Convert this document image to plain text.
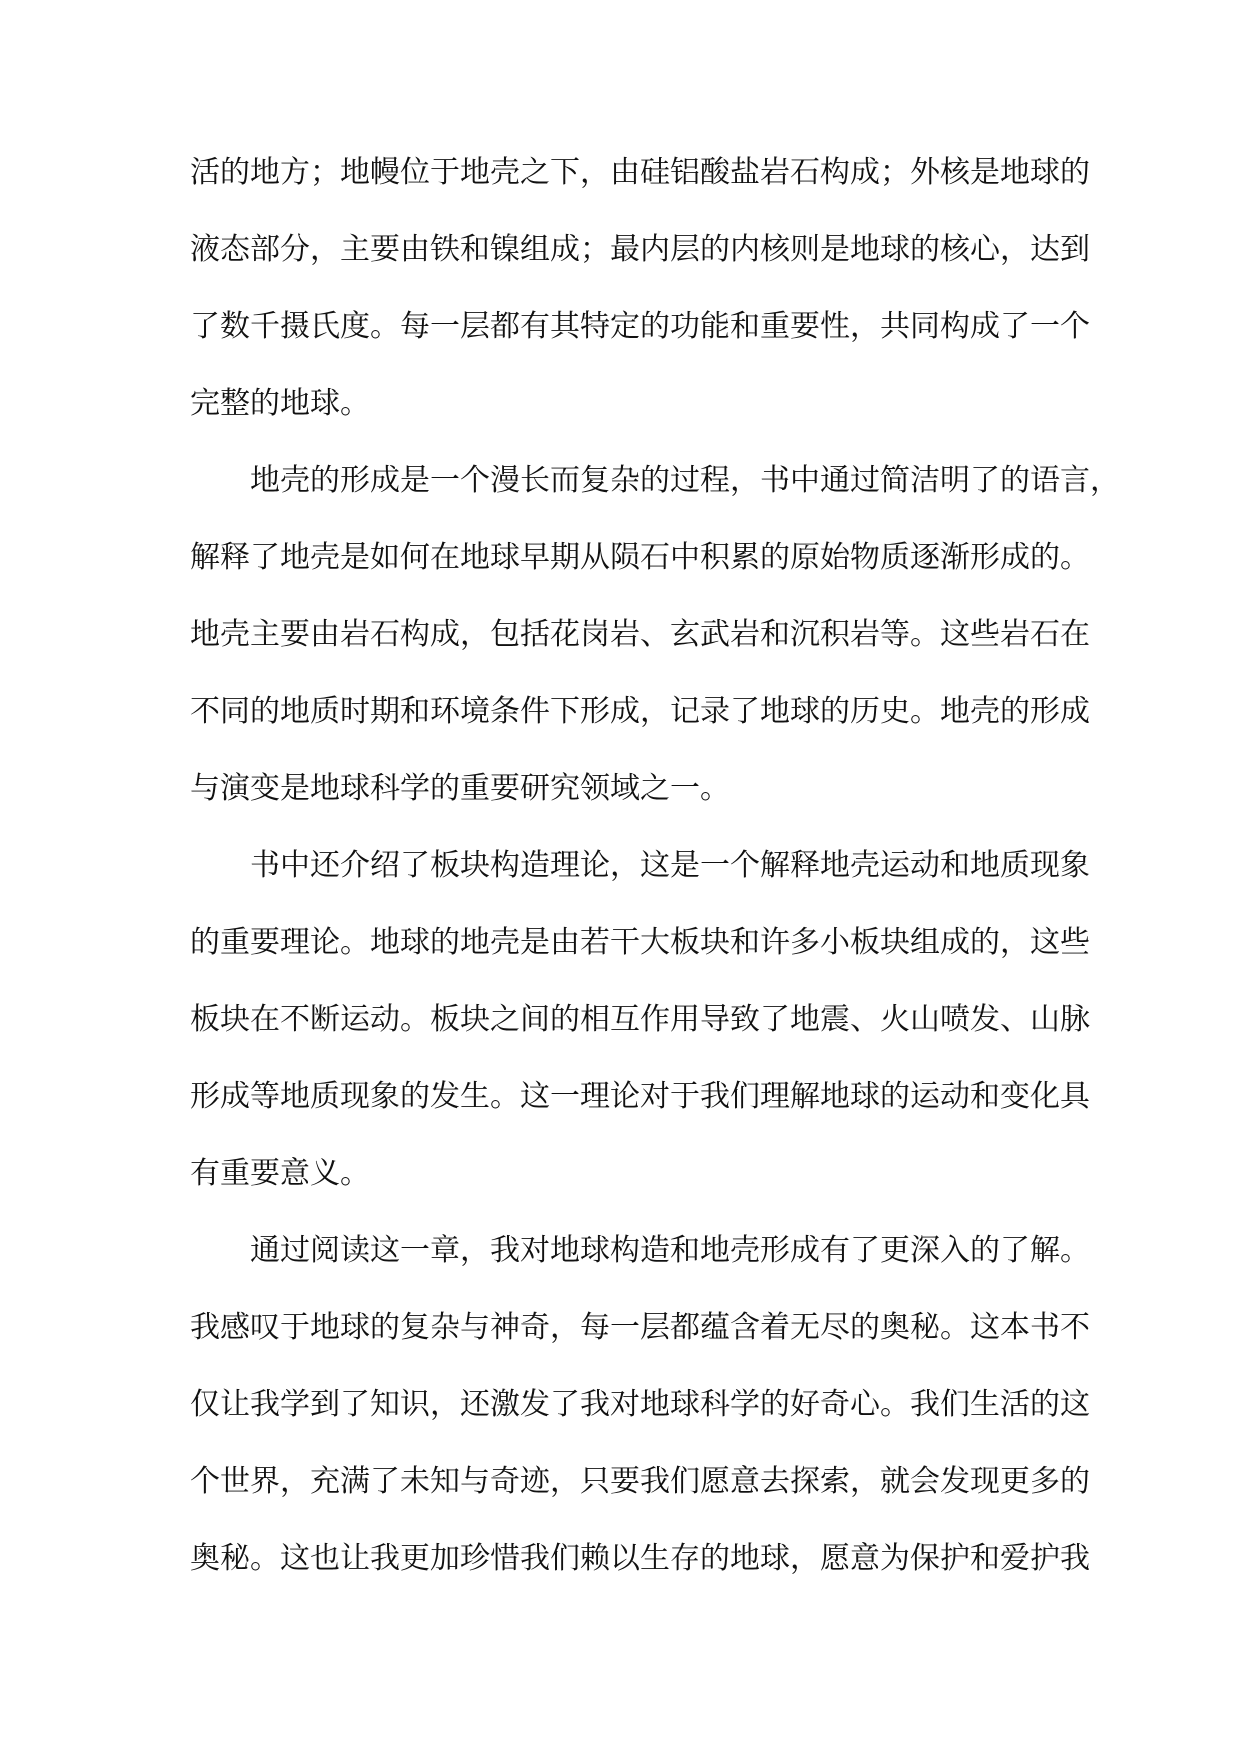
活的地方；地幔位于地壳之下，由硅铝酸盐岩石构成；外核是地球的
液态部分，主要由铁和镍组成；最内层的内核则是地球的核心，达到
了数千摄氏度。每一层都有其特定的功能和重要性，共同构成了一个
完整的地球。
地壳的形成是一个漫长而复杂的过程，书中通过简洁明了的语言，
解释了地壳是如何在地球早期从陨石中积累的原始物质逐渐形成的。
地壳主要由岩石构成，包括花岗岩、玄武岩和沉积岩等。这些岩石在
不同的地质时期和环境条件下形成，记录了地球的历史。地壳的形成
与演变是地球科学的重要研究领域之一。
书中还介绍了板块构造理论，这是一个解释地壳运动和地质现象
的重要理论。地球的地壳是由若干大板块和许多小板块组成的，这些
板块在不断运动。板块之间的相互作用导致了地震、火山喷发、山脉
形成等地质现象的发生。这一理论对于我们理解地球的运动和变化具
有重要意义。
通过阅读这一章，我对地球构造和地壳形成有了更深入的了解。
我感叹于地球的复杂与神奇，每一层都蕴含着无尽的奥秘。这本书不
仅让我学到了知识，还激发了我对地球科学的好奇心。我们生活的这
个世界，充满了未知与奇迹，只要我们愿意去探索，就会发现更多的
奥秘。这也让我更加珍惜我们赖以生存的地球，愿意为保护和爱护我
